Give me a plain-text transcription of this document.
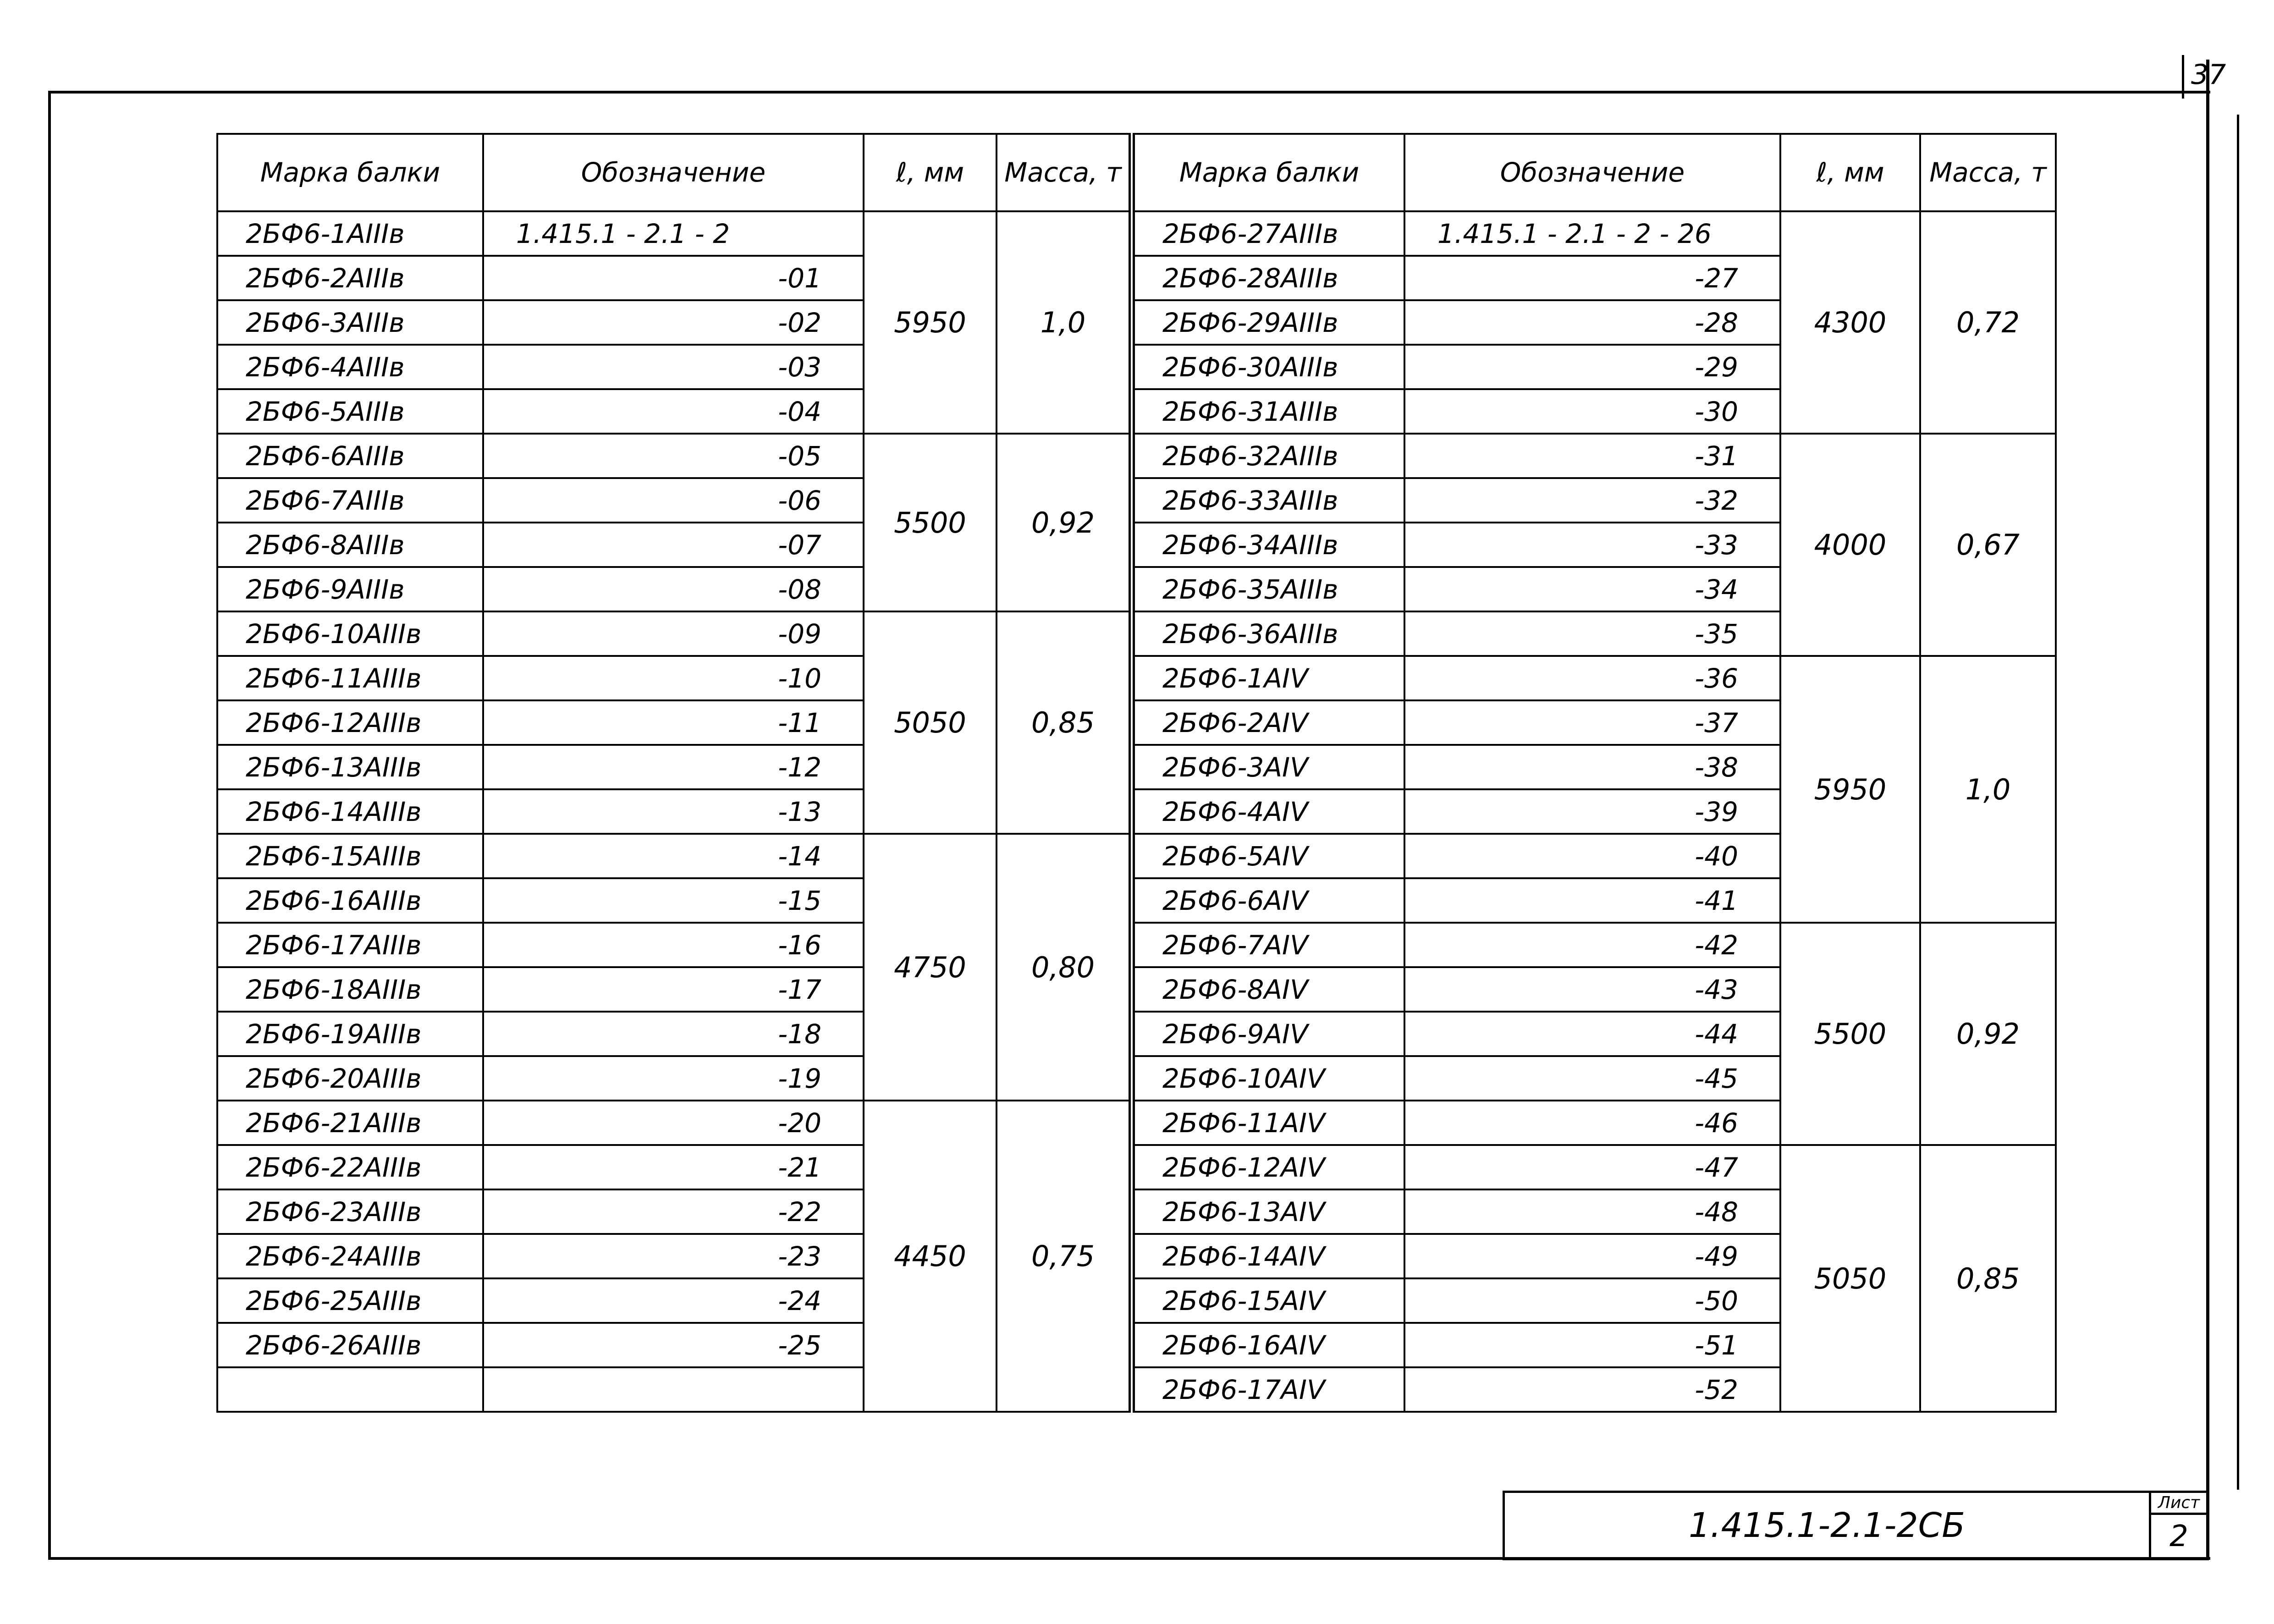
37
Марка балки	Обозначение	ℓ, мм	Масса, т	Марка балки	Обозначение	ℓ, мм	Масса, т
2БФ6-1АIIIв	1.415.1 - 2.1 - 2	5950	1,0	2БФ6-27АIIIв	1.415.1 - 2.1 - 2 - 26	4300	0,72
2БФ6-2АIIIв	-01			2БФ6-28АIIIв	-27		
2БФ6-3АIIIв	-02			2БФ6-29АIIIв	-28		
2БФ6-4АIIIв	-03			2БФ6-30АIIIв	-29		
2БФ6-5АIIIв	-04			2БФ6-31АIIIв	-30		
2БФ6-6АIIIв	-05	5500	0,92	2БФ6-32АIIIв	-31	4000	0,67
2БФ6-7АIIIв	-06			2БФ6-33АIIIв	-32		
2БФ6-8АIIIв	-07			2БФ6-34АIIIв	-33		
2БФ6-9АIIIв	-08			2БФ6-35АIIIв	-34		
2БФ6-10АIIIв	-09	5050	0,85	2БФ6-36АIIIв	-35		
2БФ6-11АIIIв	-10			2БФ6-1АIV	-36	5950	1,0
2БФ6-12АIIIв	-11			2БФ6-2АIV	-37		
2БФ6-13АIIIв	-12			2БФ6-3АIV	-38		
2БФ6-14АIIIв	-13			2БФ6-4АIV	-39		
2БФ6-15АIIIв	-14	4750	0,80	2БФ6-5АIV	-40		
2БФ6-16АIIIв	-15			2БФ6-6АIV	-41		
2БФ6-17АIIIв	-16			2БФ6-7АIV	-42	5500	0,92
2БФ6-18АIIIв	-17			2БФ6-8АIV	-43		
2БФ6-19АIIIв	-18			2БФ6-9АIV	-44		
2БФ6-20АIIIв	-19			2БФ6-10АIV	-45		
2БФ6-21АIIIв	-20	4450	0,75	2БФ6-11АIV	-46		
2БФ6-22АIIIв	-21			2БФ6-12АIV	-47	5050	0,85
2БФ6-23АIIIв	-22			2БФ6-13АIV	-48		
2БФ6-24АIIIв	-23			2БФ6-14АIV	-49		
2БФ6-25АIIIв	-24			2БФ6-15АIV	-50		
2БФ6-26АIIIв	-25			2БФ6-16АIV	-51		
				2БФ6-17АIV	-52		
1.415.1-2.1-2СБ
Лист
2
